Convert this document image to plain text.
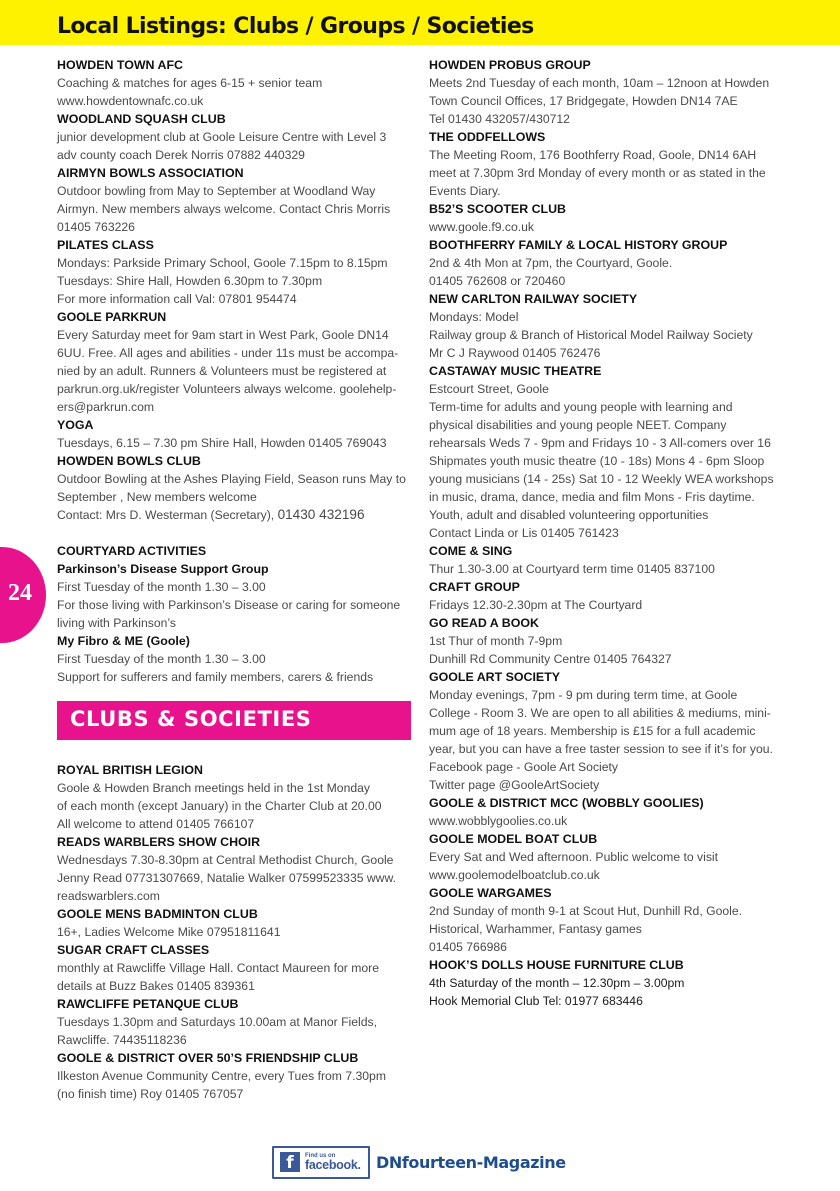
Local Listings: Clubs / Groups / Societies
24
HOWDEN TOWN AFC
Coaching & matches for ages 6-15 + senior team
www.howdentownafc.co.uk
WOODLAND SQUASH CLUB
junior development club at Goole Leisure Centre with Level 3
adv county coach Derek Norris 07882 440329
AIRMYN BOWLS ASSOCIATION
Outdoor bowling from May to September at Woodland Way
Airmyn. New members always welcome. Contact Chris Morris
01405 763226
PILATES CLASS
Mondays: Parkside Primary School, Goole 7.15pm to 8.15pm
Tuesdays: Shire Hall, Howden 6.30pm to 7.30pm
For more information call Val: 07801 954474
GOOLE PARKRUN
Every Saturday meet for 9am start in West Park, Goole DN14
6UU. Free. All ages and abilities - under 11s must be accompa-
nied by an adult. Runners & Volunteers must be registered at
parkrun.org.uk/register Volunteers always welcome. goolehelp-
ers@parkrun.com
YOGA
Tuesdays, 6.15 – 7.30 pm Shire Hall, Howden 01405 769043
HOWDEN BOWLS CLUB
Outdoor Bowling at the Ashes Playing Field, Season runs May to
September , New members welcome
Contact: Mrs D. Westerman (Secretary), 01430 432196
COURTYARD ACTIVITIES
Parkinson’s Disease Support Group
First Tuesday of the month 1.30 – 3.00
For those living with Parkinson’s Disease or caring for someone
living with Parkinson’s
My Fibro & ME (Goole)
First Tuesday of the month 1.30 – 3.00
Support for sufferers and family members, carers & friends
CLUBS & SOCIETIES
ROYAL BRITISH LEGION
Goole & Howden Branch meetings held in the 1st Monday
of each month (except January) in the Charter Club at 20.00
All welcome to attend 01405 766107
READS WARBLERS SHOW CHOIR
Wednesdays 7.30-8.30pm at Central Methodist Church, Goole
Jenny Read 07731307669, Natalie Walker 07599523335 www.
readswarblers.com
GOOLE MENS BADMINTON CLUB
16+, Ladies Welcome Mike 07951811641
SUGAR CRAFT CLASSES
monthly at Rawcliffe Village Hall. Contact Maureen for more
details at Buzz Bakes 01405 839361
RAWCLIFFE PETANQUE CLUB
Tuesdays 1.30pm and Saturdays 10.00am at Manor Fields,
Rawcliffe. 74435118236
GOOLE & DISTRICT OVER 50’S FRIENDSHIP CLUB
Ilkeston Avenue Community Centre, every Tues from 7.30pm
(no finish time) Roy 01405 767057
HOWDEN PROBUS GROUP
Meets 2nd Tuesday of each month, 10am – 12noon at Howden
Town Council Offices, 17 Bridgegate, Howden DN14 7AE
Tel 01430 432057/430712
THE ODDFELLOWS
The Meeting Room, 176 Boothferry Road, Goole, DN14 6AH
meet at 7.30pm 3rd Monday of every month or as stated in the
Events Diary.
B52’S SCOOTER CLUB
www.goole.f9.co.uk
BOOTHFERRY FAMILY & LOCAL HISTORY GROUP
2nd & 4th Mon at 7pm, the Courtyard, Goole.
01405 762608 or 720460
NEW CARLTON RAILWAY SOCIETY
Mondays: Model
Railway group & Branch of Historical Model Railway Society
Mr C J Raywood 01405 762476
CASTAWAY MUSIC THEATRE
Estcourt Street, Goole
Term-time for adults and young people with learning and
physical disabilities and young people NEET. Company
rehearsals Weds 7 - 9pm and Fridays 10 - 3 All-comers over 16
Shipmates youth music theatre (10 - 18s) Mons 4 - 6pm Sloop
young musicians (14 - 25s) Sat 10 - 12 Weekly WEA workshops
in music, drama, dance, media and film Mons - Fris daytime.
Youth, adult and disabled volunteering opportunities
Contact Linda or Lis 01405 761423
COME & SING
Thur 1.30-3.00 at Courtyard term time 01405 837100
CRAFT GROUP
Fridays 12.30-2.30pm at The Courtyard
GO READ A BOOK
1st Thur of month 7-9pm
Dunhill Rd Community Centre 01405 764327
GOOLE ART SOCIETY
Monday evenings, 7pm - 9 pm during term time, at Goole
College - Room 3. We are open to all abilities & mediums, mini-
mum age of 18 years. Membership is £15 for a full academic
year, but you can have a free taster session to see if it’s for you.
Facebook page - Goole Art Society
Twitter page @GooleArtSociety
GOOLE & DISTRICT MCC (WOBBLY GOOLIES)
www.wobblygoolies.co.uk
GOOLE MODEL BOAT CLUB
Every Sat and Wed afternoon. Public welcome to visit
www.goolemodelboatclub.co.uk
GOOLE WARGAMES
2nd Sunday of month 9-1 at Scout Hut, Dunhill Rd, Goole.
Historical, Warhammer, Fantasy games
01405 766986
HOOK’S DOLLS HOUSE FURNITURE CLUB
4th Saturday of the month – 12.30pm – 3.00pm
Hook Memorial Club Tel: 01977 683446
f	Find us on
facebook. DNfourteen-Magazine
